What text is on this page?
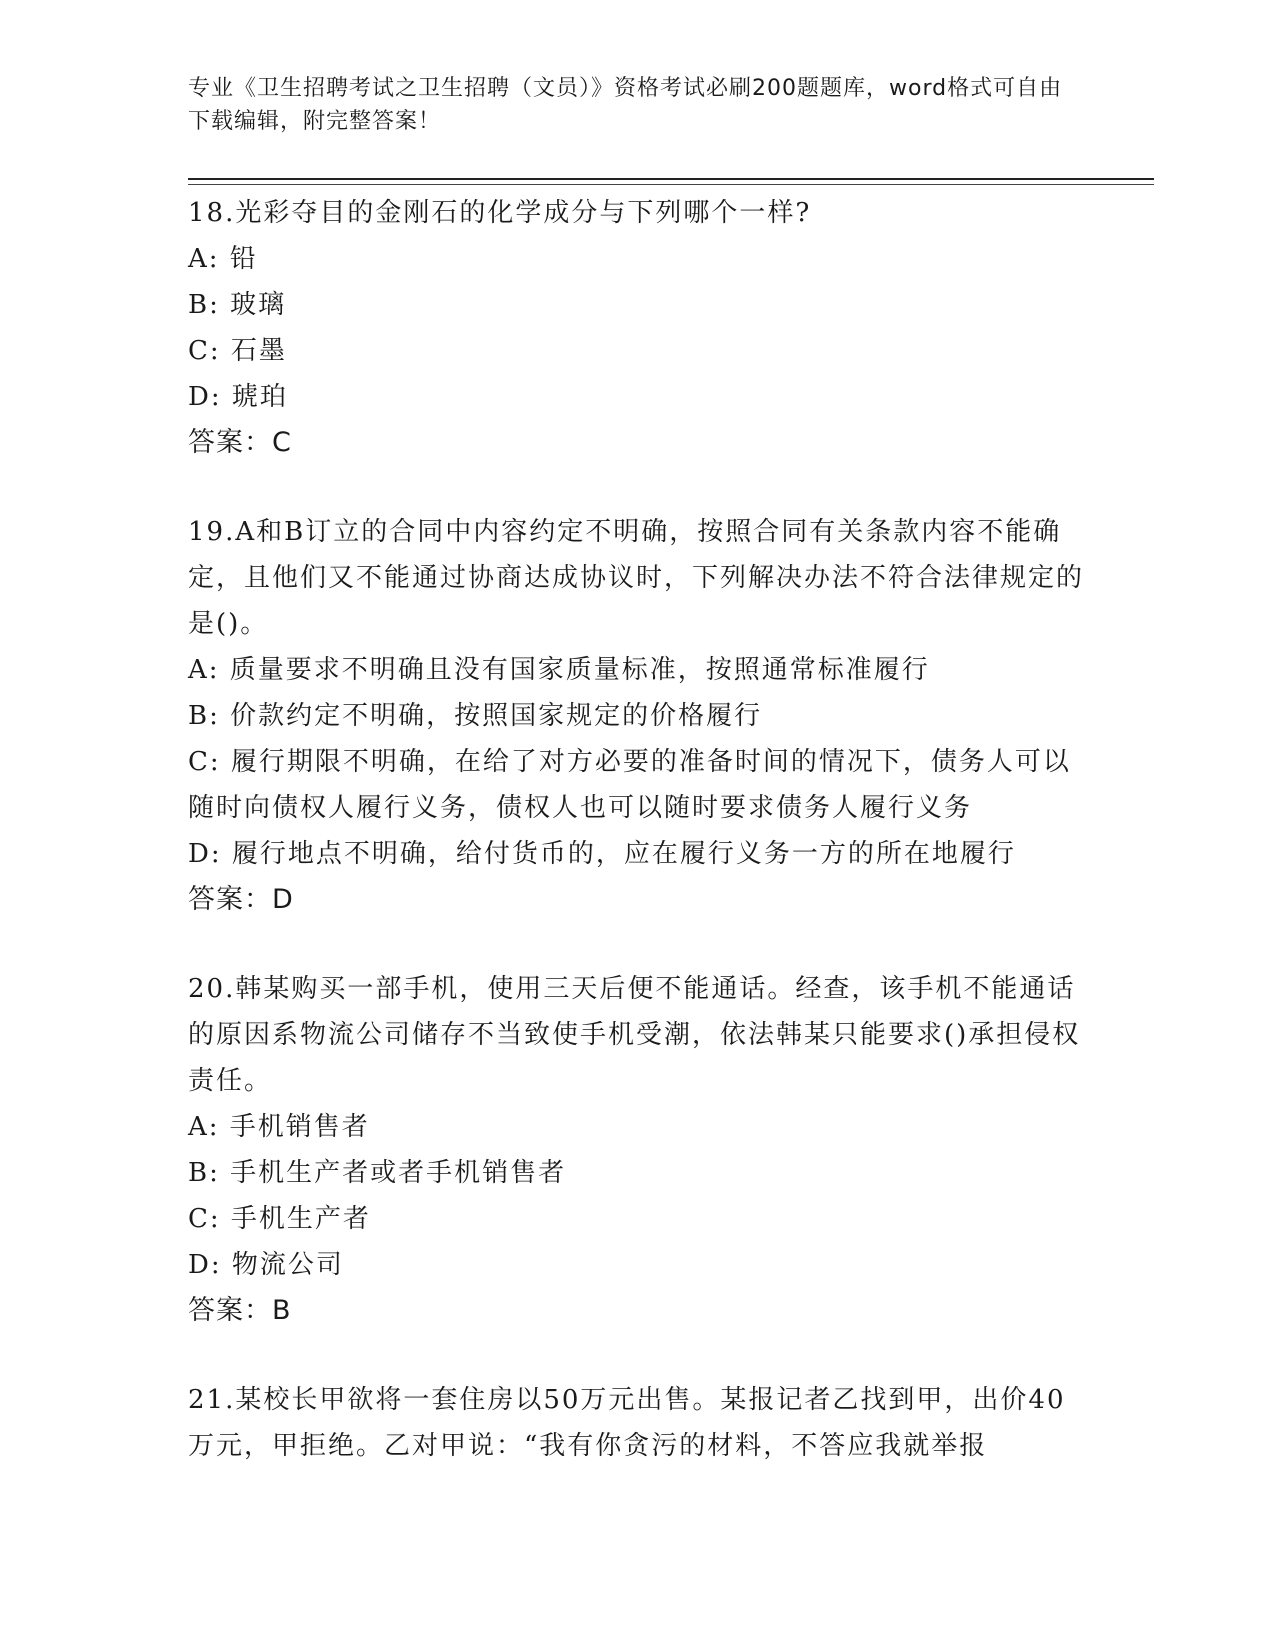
专业《卫生招聘考试之卫生招聘（文员）》资格考试必刷200题题库，word格式可自由下载编辑，附完整答案！

18.光彩夺目的金刚石的化学成分与下列哪个一样?

A: 铅

B: 玻璃

C: 石墨

D: 琥珀

答案：C

19.A和B订立的合同中内容约定不明确，按照合同有关条款内容不能确定，且他们又不能通过协商达成协议时，下列解决办法不符合法律规定的是()。

A: 质量要求不明确且没有国家质量标准，按照通常标准履行

B: 价款约定不明确，按照国家规定的价格履行

C: 履行期限不明确，在给了对方必要的准备时间的情况下，债务人可以随时向债权人履行义务，债权人也可以随时要求债务人履行义务

D: 履行地点不明确，给付货币的，应在履行义务一方的所在地履行

答案：D

20.韩某购买一部手机，使用三天后便不能通话。经查，该手机不能通话的原因系物流公司储存不当致使手机受潮，依法韩某只能要求()承担侵权责任。

A: 手机销售者

B: 手机生产者或者手机销售者

C: 手机生产者

D: 物流公司

答案：B

21.某校长甲欲将一套住房以50万元出售。某报记者乙找到甲，出价40万元，甲拒绝。乙对甲说：“我有你贪污的材料，不答应我就举报
